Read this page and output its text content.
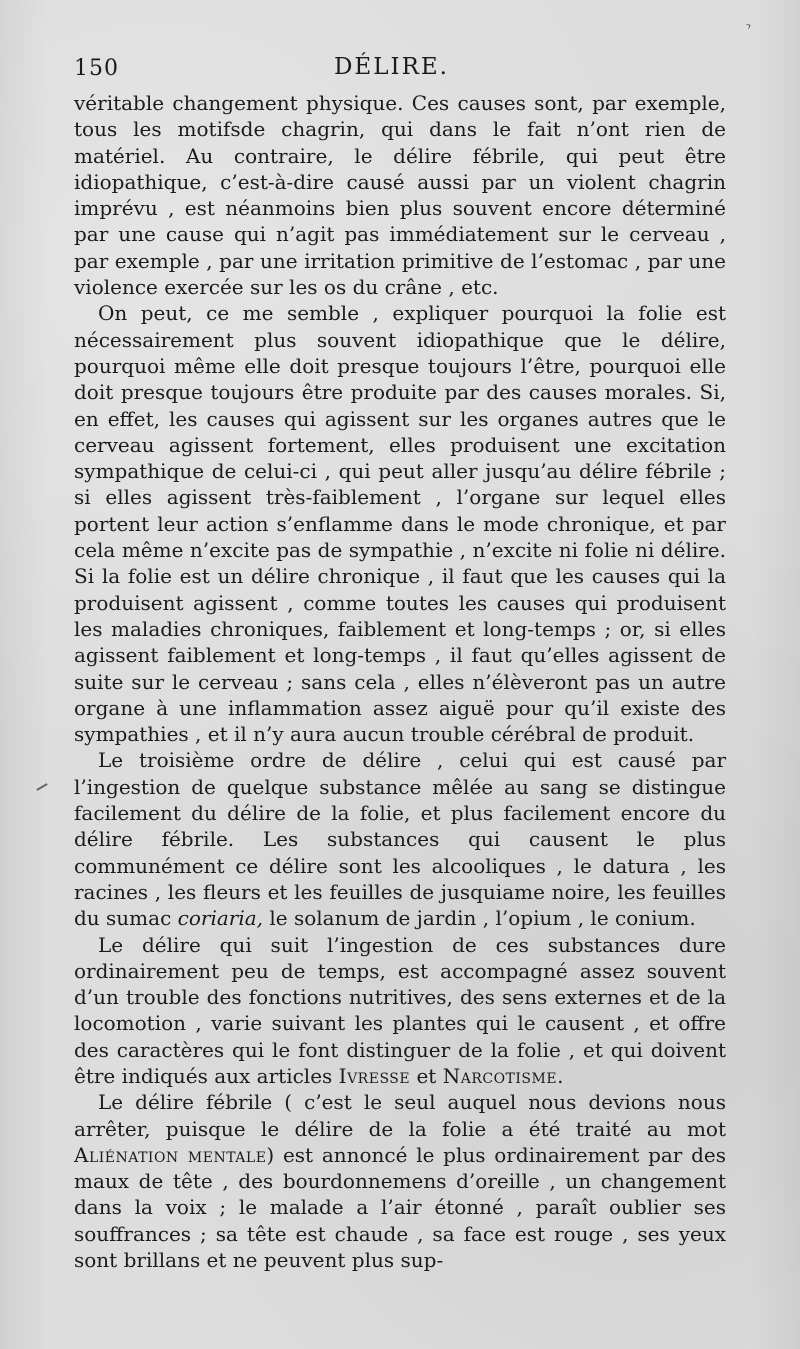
›
150	DÉLIRE.

véritable changement physique. Ces causes sont, par exemple, tous les motifsde chagrin, qui dans le fait n’ont rien de matériel. Au contraire, le délire fébrile, qui peut être idiopathique, c’est-à-dire causé aussi par un violent chagrin imprévu , est néanmoins bien plus souvent encore déterminé par une cause qui n’agit pas immédiatement sur le cerveau , par exemple , par une irritation primitive de l’estomac , par une violence exercée sur les os du crâne , etc.

On peut, ce me semble , expliquer pourquoi la folie est nécessairement plus souvent idiopathique que le délire, pourquoi même elle doit presque toujours l’être, pourquoi elle doit presque toujours être produite par des causes morales. Si, en effet, les causes qui agissent sur les organes autres que le cerveau agissent fortement, elles produisent une excitation sympathique de celui-ci , qui peut aller jusqu’au délire fébrile ; si elles agissent très-faiblement , l’organe sur lequel elles portent leur action s’enflamme dans le mode chronique, et par cela même n’excite pas de sympathie , n’excite ni folie ni délire. Si la folie est un délire chronique , il faut que les causes qui la produisent agissent , comme toutes les causes qui produisent les maladies chroniques, faiblement et long-temps ; or, si elles agissent faiblement et long-temps , il faut qu’elles agissent de suite sur le cerveau ; sans cela , elles n’élèveront pas un autre organe à une inflammation assez aiguë pour qu’il existe des sympathies , et il n’y aura aucun trouble cérébral de produit.

Le troisième ordre de délire , celui qui est causé par l’ingestion de quelque substance mêlée au sang se distingue facilement du délire de la folie, et plus facilement encore du délire fébrile. Les substances qui causent le plus communément ce délire sont les alcooliques , le datura , les racines , les fleurs et les feuilles de jusquiame noire, les feuilles du sumac coriaria, le solanum de jardin , l’opium , le conium.

Le délire qui suit l’ingestion de ces substances dure ordinairement peu de temps, est accompagné assez souvent d’un trouble des fonctions nutritives, des sens externes et de la locomotion , varie suivant les plantes qui le causent , et offre des caractères qui le font distinguer de la folie , et qui doivent être indiqués aux articles Ivresse et Narcotisme.

Le délire fébrile ( c’est le seul auquel nous devions nous arrêter, puisque le délire de la folie a été traité au mot Aliénation mentale) est annoncé le plus ordinairement par des maux de tête , des bourdonnemens d’oreille , un changement dans la voix ; le malade a l’air étonné , paraît oublier ses souffrances ; sa tête est chaude , sa face est rouge , ses yeux sont brillans et ne peuvent plus sup-
